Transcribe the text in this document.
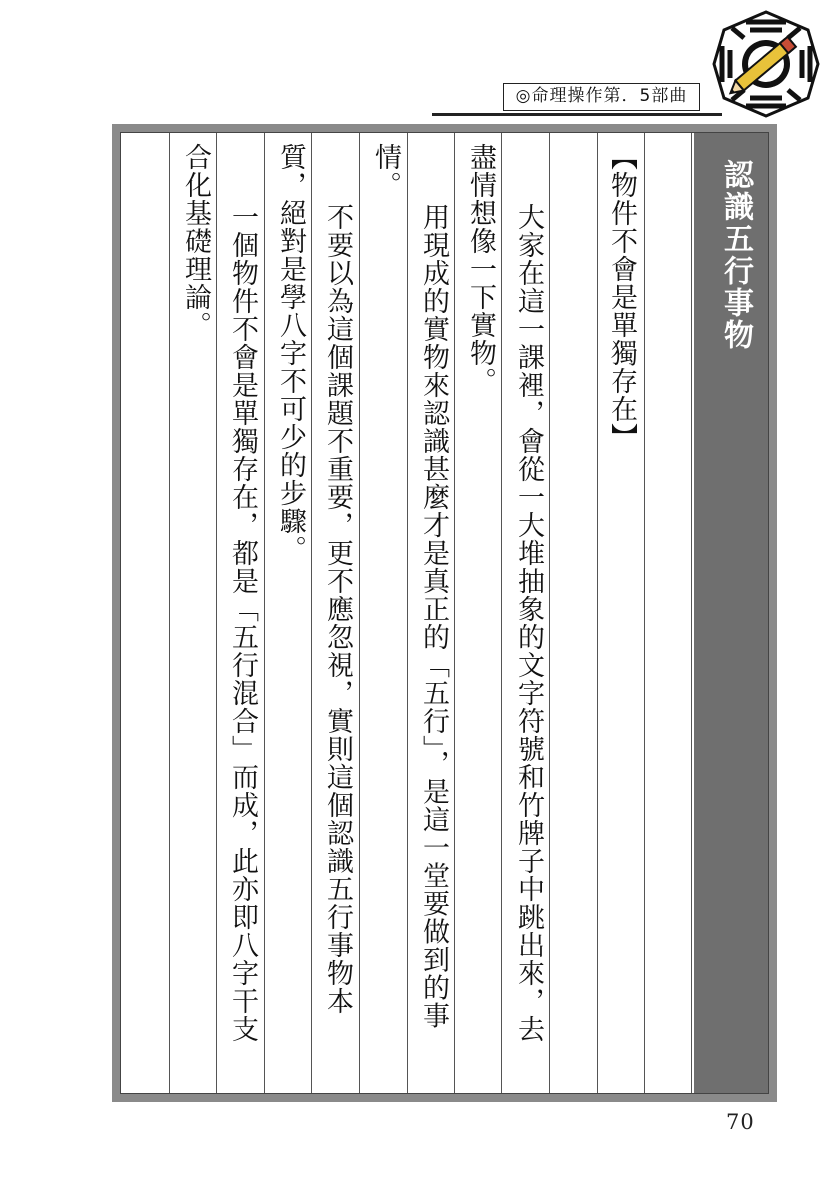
◎命理操作第．5部曲
認識五行事物
【物件不會是單獨存在】
大家在這一課裡，會從一大堆抽象的文字符號和竹牌子中跳出來，去
盡情想像一下實物。
用現成的實物來認識甚麼才是真正的「五行」，是這一堂要做到的事
情。
不要以為這個課題不重要，更不應忽視，實則這個認識五行事物本
質，絕對是學八字不可少的步驟。
一個物件不會是單獨存在，都是「五行混合」而成，此亦即八字干支
合化基礎理論。
70
